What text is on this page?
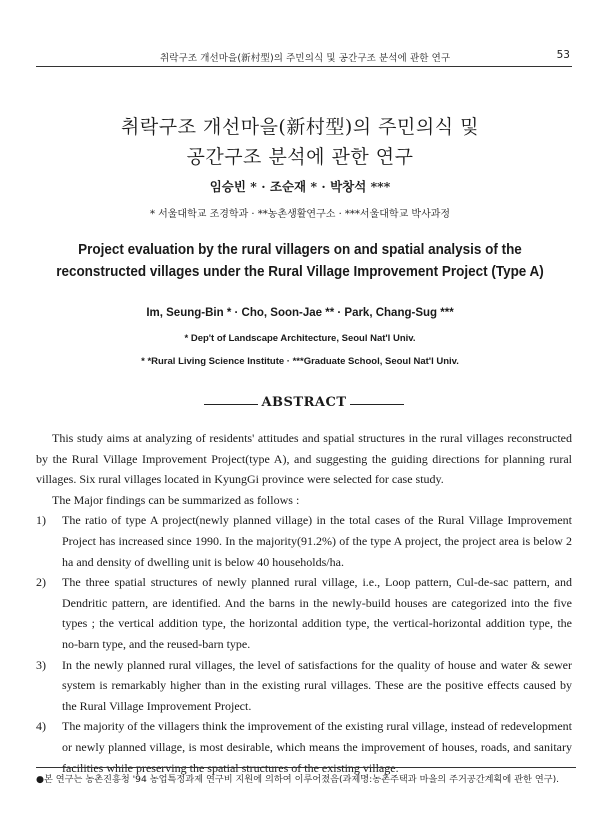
취락구조 개선마을(新村型)의 주민의식 및 공간구조 분석에 관한 연구	53
취락구조 개선마을(新村型)의 주민의식 및
공간구조 분석에 관한 연구
임승빈 * · 조순재 * · 박창석 ***
* 서울대학교 조경학과 · **농촌생활연구소 · ***서울대학교 박사과정
Project evaluation by the rural villagers on and spatial analysis of the
reconstructed villages under the Rural Village Improvement Project (Type A)
Im, Seung-Bin * · Cho, Soon-Jae ** · Park, Chang-Sug ***
* Dep't of Landscape Architecture, Seoul Nat'l Univ.
* *Rural Living Science Institute · ***Graduate School, Seoul Nat'l Univ.
ABSTRACT

This study aims at analyzing of residents' attitudes and spatial structures in the rural villages reconstructed by the Rural Village Improvement Project(type A), and suggesting the guiding directions for planning rural villages. Six rural villages located in KyungGi province were selected for case study.

The Major findings can be summarized as follows :

1)	The ratio of type A project(newly planned village) in the total cases of the Rural Village Improvement Project has increased since 1990. In the majority(91.2%) of the type A project, the project area is below 2 ha and density of dwelling unit is below 40 households/ha.
2)	The three spatial structures of newly planned rural village, i.e., Loop pattern, Cul-de-sac pattern, and Dendritic pattern, are identified. And the barns in the newly-build houses are categorized into the five types ; the vertical addition type, the horizontal addition type, the vertical-horizontal addition type, the no-barn type, and the reused-barn type.
3)	In the newly planned rural villages, the level of satisfactions for the quality of house and water & sewer system is remarkably higher than in the existing rural villages. These are the positive effects caused by the Rural Village Improvement Project.
4)	The majority of the villagers think the improvement of the existing rural village, instead of redevelopment or newly planned village, is most desirable, which means the improvement of houses, roads, and sanitary facilities while preserving the spatial structures of the existing village.
●본 연구는 농촌진흥청 '94 농업특정과제 연구비 지원에 의하여 이루어졌음(과제명:농촌주택과 마을의 주거공간계획에 관한 연구).
